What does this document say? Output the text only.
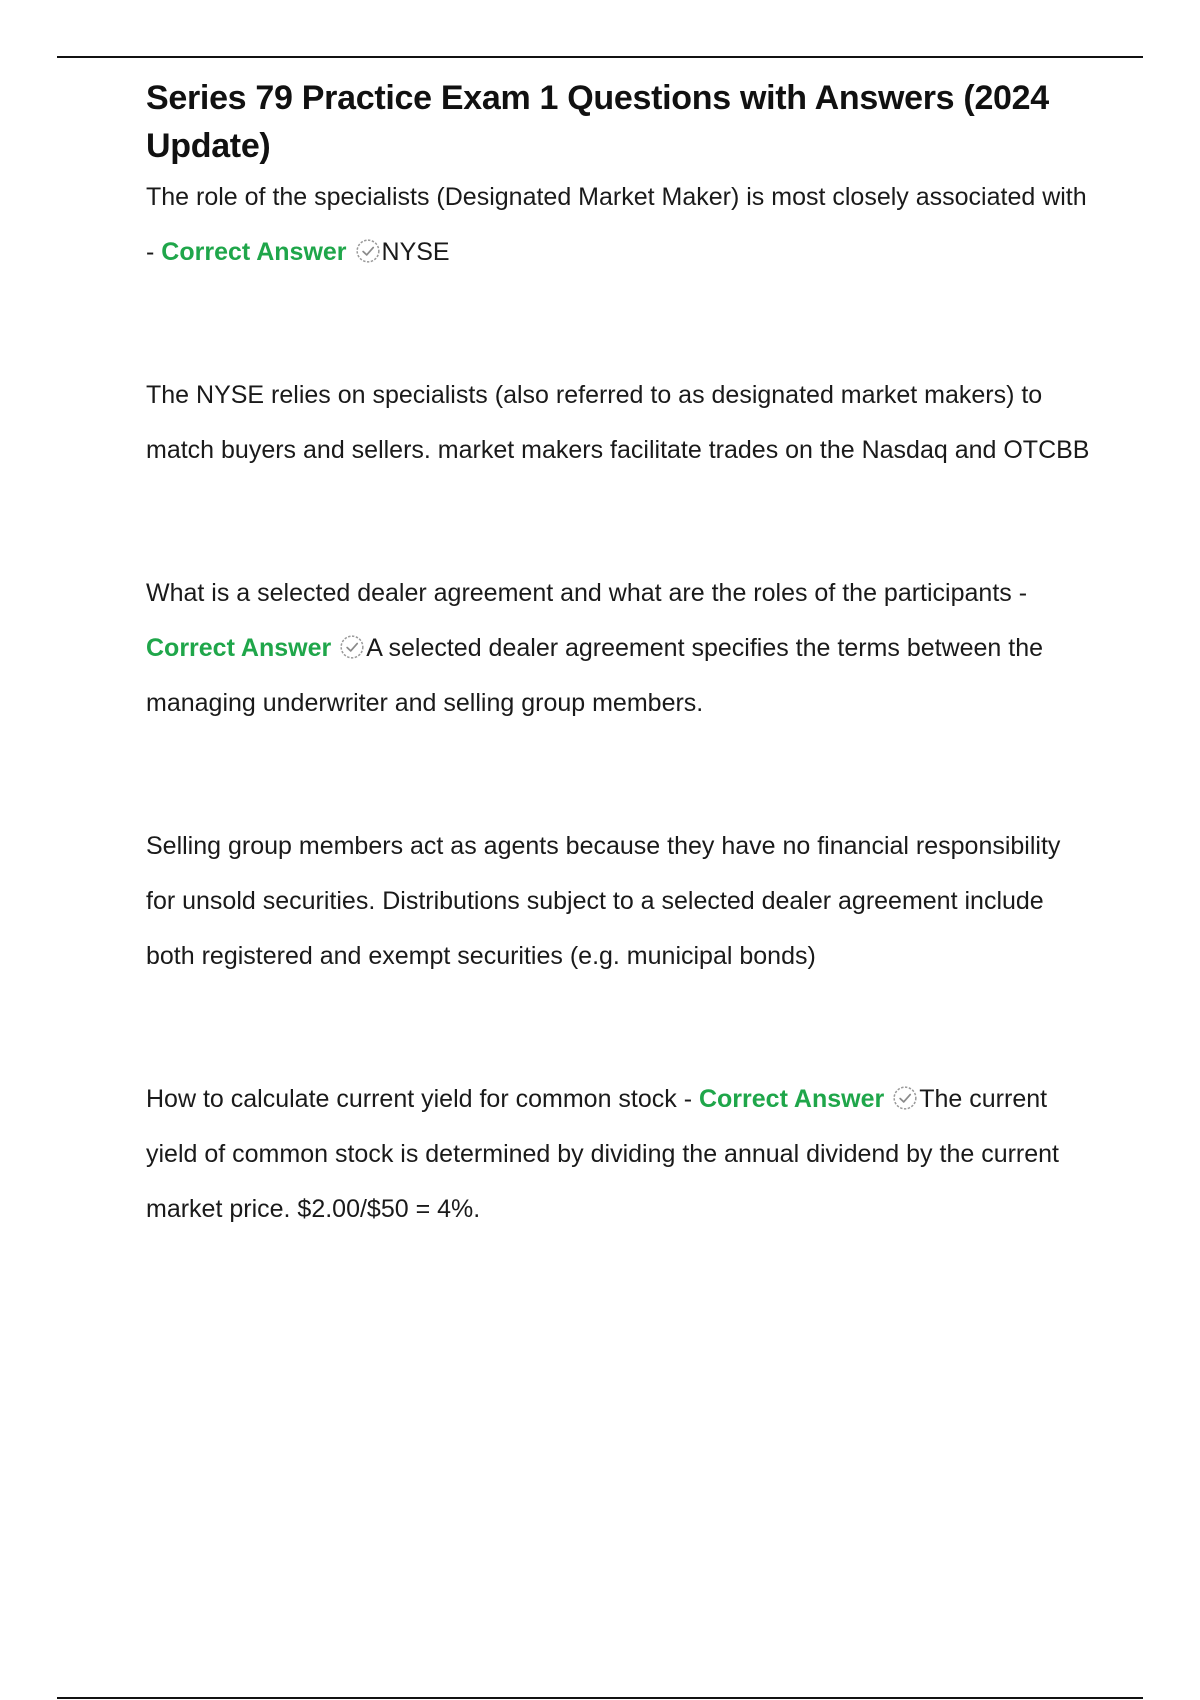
Series 79 Practice Exam 1 Questions with Answers (2024 Update)

The role of the specialists (Designated Market Maker) is most closely associated with - Correct Answer NYSE

The NYSE relies on specialists (also referred to as designated market makers) to match buyers and sellers. market makers facilitate trades on the Nasdaq and OTCBB

What is a selected dealer agreement and what are the roles of the participants - Correct Answer A selected dealer agreement specifies the terms between the managing underwriter and selling group members.

Selling group members act as agents because they have no financial responsibility for unsold securities. Distributions subject to a selected dealer agreement include both registered and exempt securities (e.g. municipal bonds)

How to calculate current yield for common stock - Correct Answer The current yield of common stock is determined by dividing the annual dividend by the current market price. $2.00/$50 = 4%.
